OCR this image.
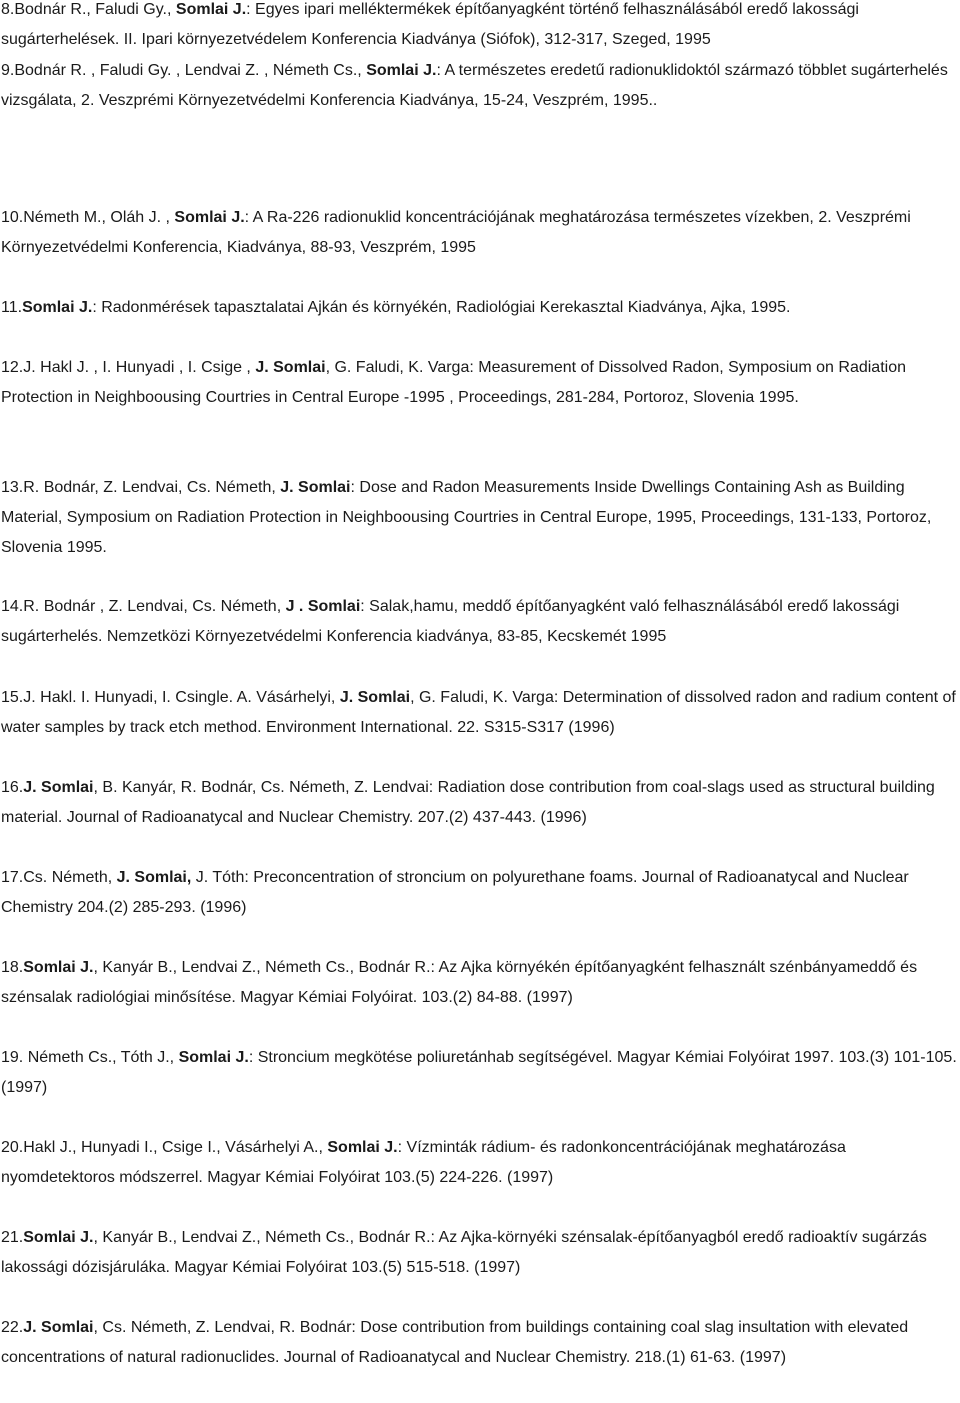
8.Bodnár R., Faludi Gy., Somlai J.: Egyes ipari melléktermékek építőanyagként történő felhasználásából eredő lakossági sugárterhelések. II. Ipari környezetvédelem Konferencia Kiadványa (Siófok), 312-317, Szeged, 1995
9.Bodnár R. , Faludi Gy. , Lendvai Z. , Németh Cs., Somlai J.: A természetes eredetű radionuklidoktól származó többlet sugárterhelés vizsgálata, 2. Veszprémi Környezetvédelmi Konferencia Kiadványa, 15-24, Veszprém, 1995..
10.Németh M., Oláh J. , Somlai J.: A Ra-226 radionuklid koncentrációjának meghatározása természetes vízekben, 2. Veszprémi Környezetvédelmi Konferencia, Kiadványa, 88-93, Veszprém, 1995
11.Somlai J.: Radonmérések tapasztalatai Ajkán és környékén, Radiológiai Kerekasztal Kiadványa, Ajka, 1995.
12.J. Hakl J. , I. Hunyadi , I. Csige , J. Somlai, G. Faludi, K. Varga: Measurement of Dissolved Radon, Symposium on Radiation Protection in Neighboousing Courtries in Central Europe -1995 , Proceedings, 281-284, Portoroz, Slovenia 1995.
13.R. Bodnár, Z. Lendvai, Cs. Németh, J. Somlai: Dose and Radon Measurements Inside Dwellings Containing Ash as Building Material, Symposium on Radiation Protection in Neighboousing Courtries in Central Europe, 1995, Proceedings, 131-133, Portoroz, Slovenia 1995.
14.R. Bodnár , Z. Lendvai, Cs. Németh, J . Somlai: Salak,hamu, meddő építőanyagként való felhasználásából eredő lakossági sugárterhelés. Nemzetközi Környezetvédelmi Konferencia kiadványa, 83-85, Kecskemét 1995
15.J. Hakl. I. Hunyadi, I. Csingle. A. Vásárhelyi, J. Somlai, G. Faludi, K. Varga: Determination of dissolved radon and radium content of water samples by track etch method. Environment International. 22. S315-S317 (1996)
16.J. Somlai, B. Kanyár, R. Bodnár, Cs. Németh, Z. Lendvai: Radiation dose contribution from coal-slags used as structural building material. Journal of Radioanatycal and Nuclear Chemistry. 207.(2) 437-443. (1996)
17.Cs. Németh, J. Somlai, J. Tóth: Preconcentration of stroncium on polyurethane foams. Journal of Radioanatycal and Nuclear Chemistry 204.(2) 285-293. (1996)
18.Somlai J., Kanyár B., Lendvai Z., Németh Cs., Bodnár R.: Az Ajka környékén építőanyagként felhasznált szénbányameddő és szénsalak radiológiai minősítése. Magyar Kémiai Folyóirat. 103.(2) 84-88. (1997)
19. Németh Cs., Tóth J., Somlai J.: Stroncium megkötése poliuretánhab segítségével. Magyar Kémiai Folyóirat 1997. 103.(3) 101-105. (1997)
20.Hakl J., Hunyadi I., Csige I., Vásárhelyi A., Somlai J.: Vízminták rádium- és radonkoncentrációjának meghatározása nyomdetektoros módszerrel. Magyar Kémiai Folyóirat 103.(5) 224-226. (1997)
21.Somlai J., Kanyár B., Lendvai Z., Németh Cs., Bodnár R.: Az Ajka-környéki szénsalak-építőanyagból eredő radioaktív sugárzás lakossági dózisjáruláka. Magyar Kémiai Folyóirat 103.(5) 515-518. (1997)
22.J. Somlai, Cs. Németh, Z. Lendvai, R. Bodnár: Dose contribution from buildings containing coal slag insultation with elevated concentrations of natural radionuclides. Journal of Radioanatycal and Nuclear Chemistry. 218.(1) 61-63. (1997)
